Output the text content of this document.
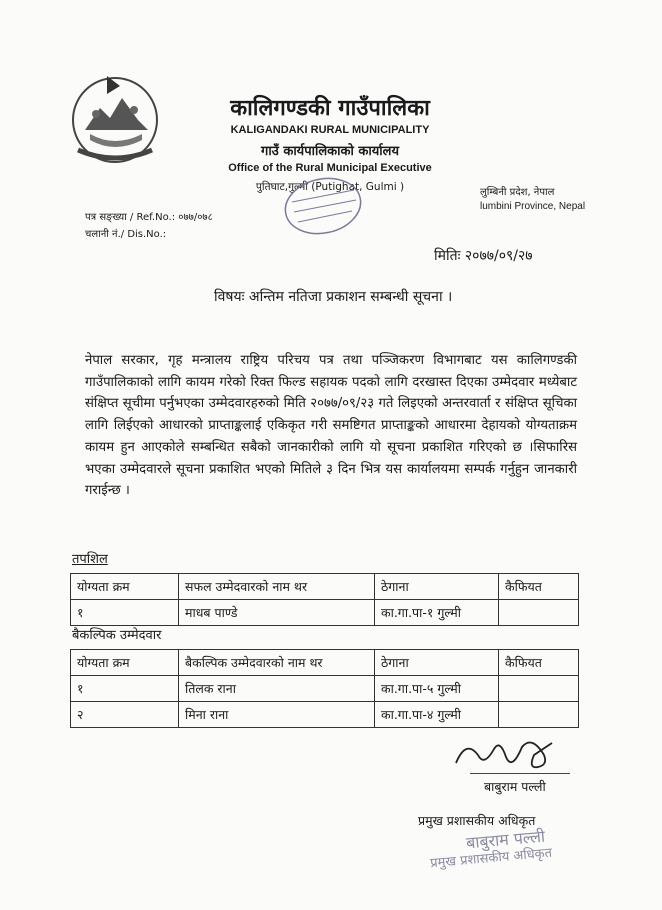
कालिगण्डकी गाउँपालिका
KALIGANDAKI RURAL MUNICIPALITY
गाउँ कार्यपालिकाको कार्यालय
Office of the Rural Municipal Executive
पुतिघाट,गुल्मी (Putighat, Gulmi )	लुम्बिनी प्रदेश, नेपाल
lumbini Province, Nepal
पत्र सङ्ख्या / Ref.No.: ०७७/०७८
चलानी नं./ Dis.No.:
मितिः २०७७/०९/२७
विषयः अन्तिम नतिजा प्रकाशन सम्बन्धी सूचना ।
नेपाल सरकार, गृह मन्त्रालय राष्ट्रिय परिचय पत्र तथा पञ्जिकरण विभागबाट यस कालिगण्डकी गाउँपालिकाको लागि कायम गरेको रिक्त फिल्ड सहायक पदको लागि दरखास्त दिएका उम्मेदवार मध्येबाट संक्षिप्त सूचीमा पर्नुभएका उम्मेदवारहरुको मिति २०७७/०९/२३ गते लिइएको अन्तरवार्ता र संक्षिप्त सूचिका लागि लिईएको आधारको प्राप्ताङ्कलाई एकिकृत गरी समष्टिगत प्राप्ताङ्कको आधारमा देहायको योग्यताक्रम कायम हुन आएकोले सम्बन्धित सबैको जानकारीको लागि यो सूचना प्रकाशित गरिएको छ ।सिफारिस भएका उम्मेदवारले सूचना प्रकाशित भएको मितिले ३ दिन भित्र यस कार्यालयमा सम्पर्क गर्नुहुन जानकारी गराईन्छ ।
तपशिल
योग्यता क्रम	सफल उम्मेदवारको नाम थर	ठेगाना	कैफियत
१	माधब पाण्डे	का.गा.पा-१ गुल्मी	
बैकल्पिक उम्मेदवार
योग्यता क्रम	बैकल्पिक उम्मेदवारको नाम थर	ठेगाना	कैफियत
१	तिलक राना	का.गा.पा-५ गुल्मी	
२	मिना राना	का.गा.पा-४ गुल्मी	
बाबुराम पल्ली
प्रमुख प्रशासकीय अधिकृत
बाबुराम पल्ली
प्रमुख प्रशासकीय अधिकृत
